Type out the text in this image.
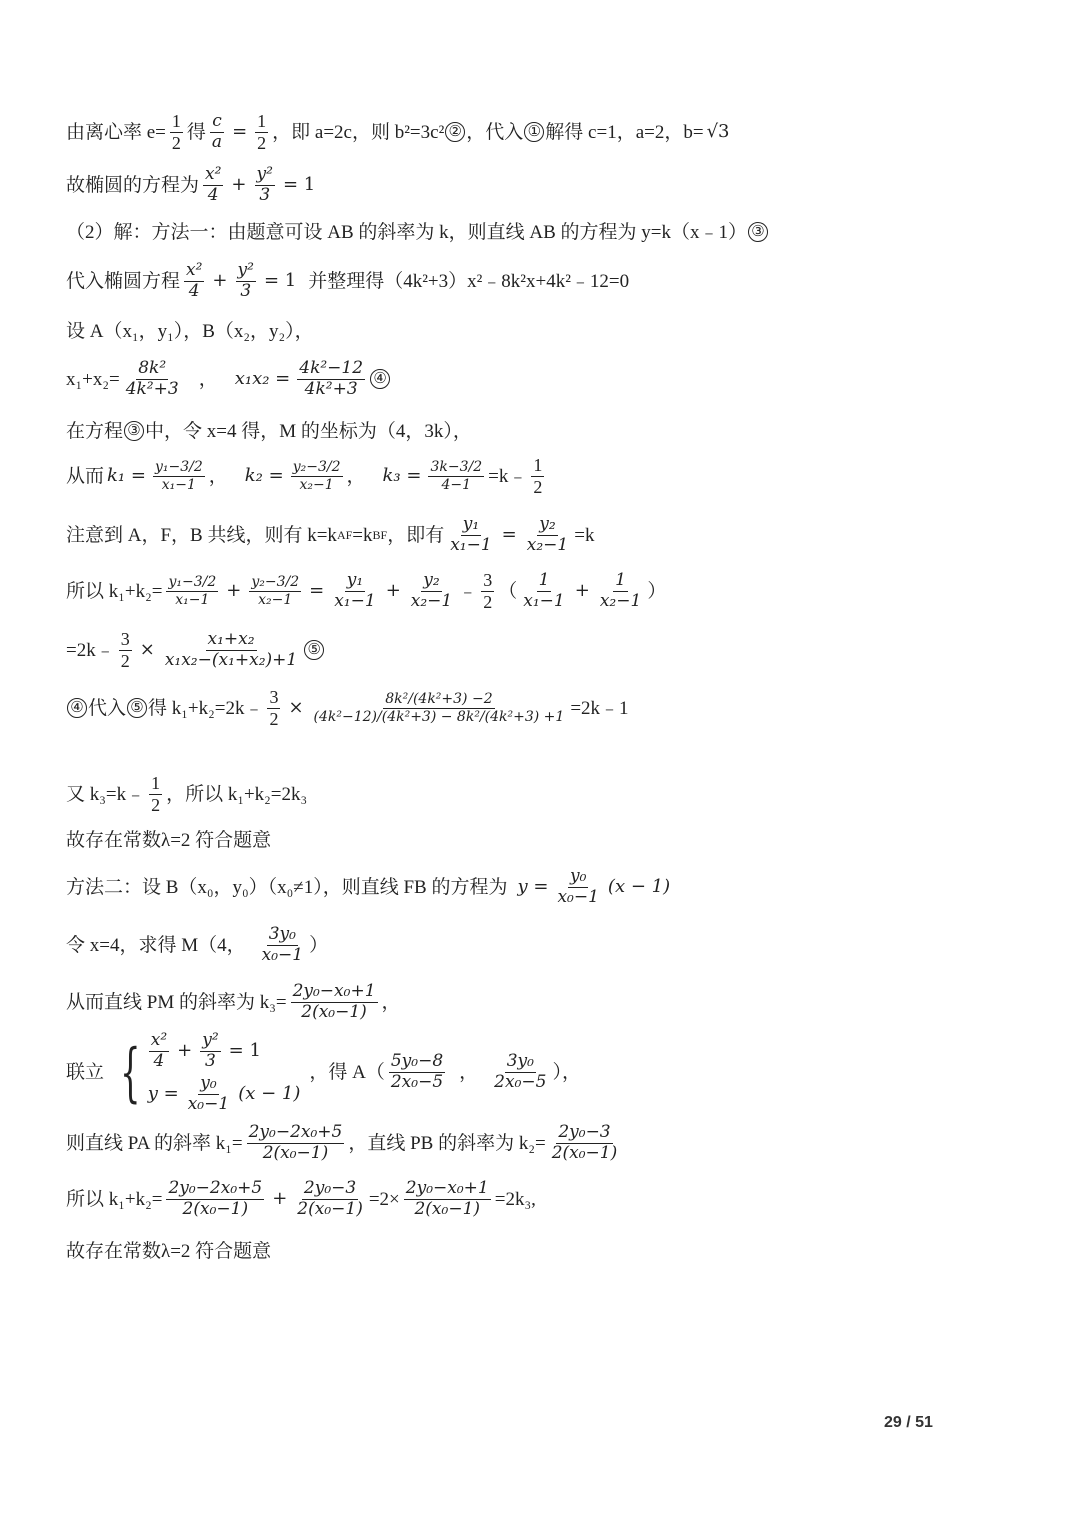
由离心率 $e= \frac{1}{2}$ 得 $\frac{c}{a} = \frac{1}{2}$ ，即 a=2c，则 b²=3c² ② ，代入 ① 解得 c=1，a=2，b= √3
故椭圆的方程为 $\frac{\text{x²}}{4} + \frac{\text{y²}}{3} = 1$
（2）解：方法一：由题意可设 AB 的斜率为 k，则直线 AB 的方程为 y=k（x﹣1） ③
代入椭圆方程 $\frac{\text{x²}}{4} + \frac{\text{y²}}{3} = 1$ 并整理得（4k²+3）x²﹣8k²x+4k²﹣12=0
设 A（x₁，y₁），B（x₂，y₂），
$x_1+x_2= \frac{\text{8k²}}{\text{4k²+3}}$ ， $x_1x_2 = \frac{\text{4k²−12}}{\text{4k²+3}}$ ④
在方程 ③ 中，令 x=4 得，M 的坐标为（4，3k），
从而 $k_1 = \frac{\text{y₁−3/2}}{\text{x₁−1}}$ ， $k_2 = \frac{\text{y₂−3/2}}{\text{x₂−1}}$ ， $k_3 = \frac{3k-3/2}{4-1}$ =k﹣ $\frac{1}{2}$
注意到 A，F，B 共线，则有 k=k AF =k BF ，即有 $\frac{\text{y₁}}{\text{x₁−1}} = \frac{\text{y₂}}{\text{x₂−1}} =k$
所以 $k_1+k_2= \frac{\text{y₁−3/2}}{\text{x₁−1}} + \frac{\text{y₂−3/2}}{\text{x₂−1}} = \frac{\text{y₁}}{\text{x₁−1}} + \frac{\text{y₂}}{\text{x₂−1}}$ ﹣ $\frac{3}{2}$ （ $\frac{1}{\text{x₁−1}} + \frac{1}{\text{x₂−1}}$ ）
=2k﹣ $\frac{3}{2} \times \frac{\text{x₁+x₂}}{\text{x₁x₂−(x₁+x₂)+1}}$ ⑤
④ 代入 ⑤ 得 k₁+k₂=2k﹣ $\frac{3}{2} \times \frac{\text{8k²/(4k²+3) −2}}{\text{(4k²−12)/(4k²+3) − 8k²/(4k²+3) +1}}$ =2k﹣1
又 k₃=k﹣ $\frac{1}{2}$ ，所以 k₁+k₂=2k₃
故存在常数λ=2 符合题意
方法二：设 B（x₀，y₀）（x₀≠1），则直线 FB 的方程为 $y = \frac{\text{y₀}}{\text{x₀−1}} (x - 1)$
令 x=4，求得 M（4， $\frac{\text{3y₀}}{\text{x₀−1}}$ ）
从而直线 PM 的斜率为 $k_3= \frac{\text{2y₀−x₀+1}}{\text{2(x₀−1)}}$ ，
联立 { $\frac{\text{x²}}{4} + \frac{\text{y²}}{3} = 1$
$y = \frac{\text{y₀}}{\text{x₀−1}} (x - 1)$
，得 $A( \frac{\text{5y₀−8}}{\text{2x₀−5}}$ ， $\frac{\text{3y₀}}{\text{2x₀−5}}$ ），
则直线 PA 的斜率 $k_1= \frac{\text{2y₀−2x₀+5}}{\text{2(x₀−1)}}$ ，直线 PB 的斜率为 $k_2= \frac{\text{2y₀−3}}{\text{2(x₀−1)}}$
所以 $k_1+k_2= \frac{\text{2y₀−2x₀+5}}{\text{2(x₀−1)}} + \frac{\text{2y₀−3}}{\text{2(x₀−1)}} =2\times \frac{\text{2y₀−x₀+1}}{\text{2(x₀−1)}} =2k_3$,
故存在常数λ=2 符合题意
29 / 51
